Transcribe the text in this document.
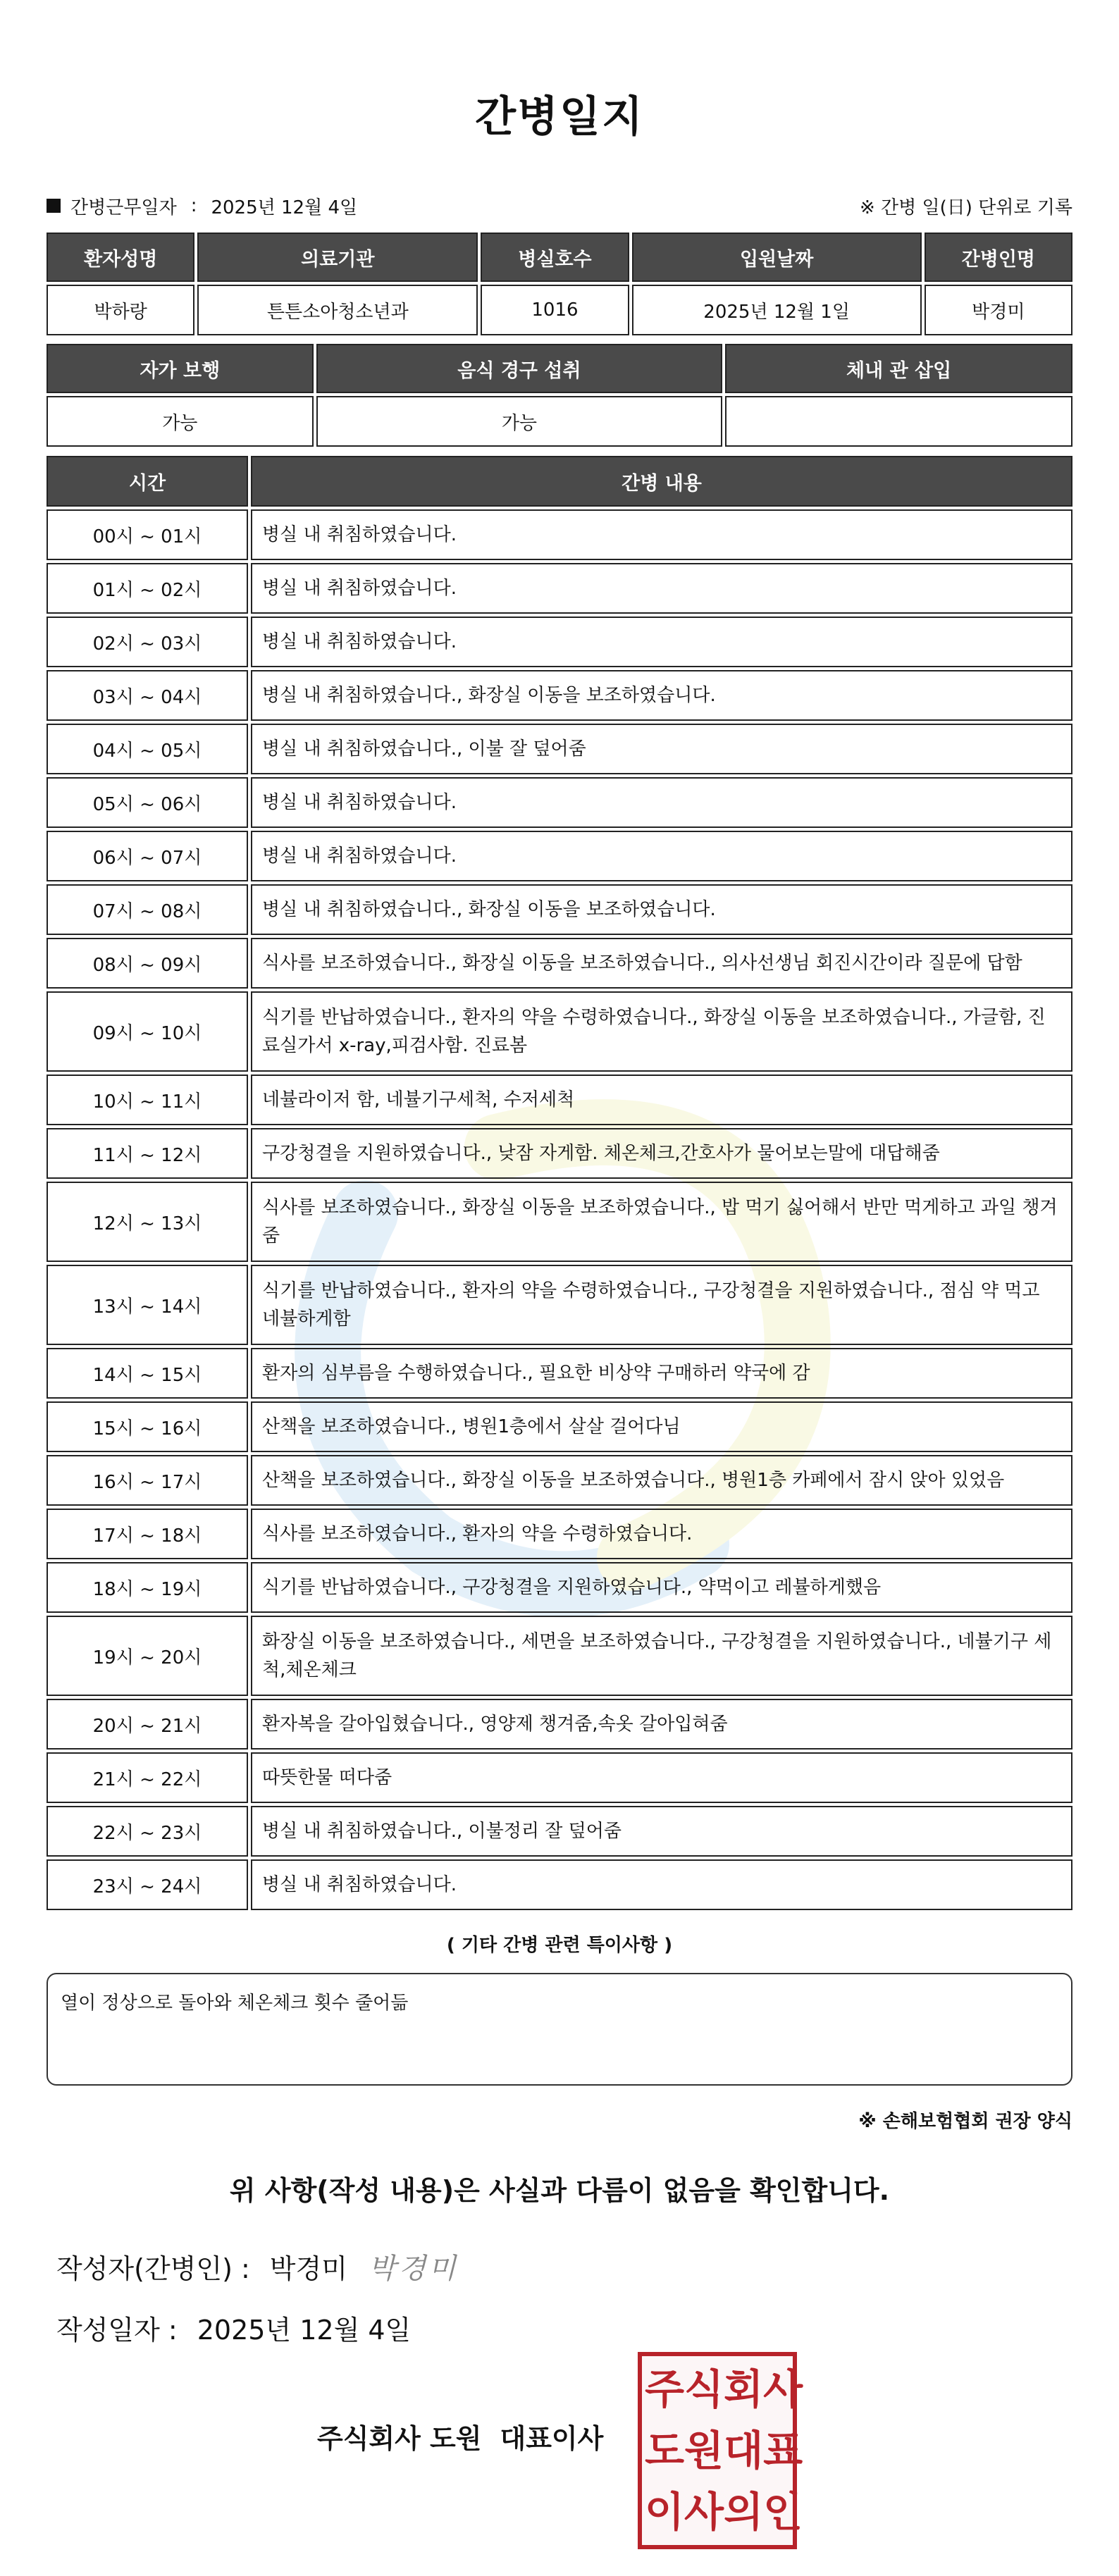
간병일지
간병근무일자 : 2025년 12월 4일	※ 간병 일(日) 단위로 기록
환자성명	의료기관	병실호수	입원날짜	간병인명
박하랑	튼튼소아청소년과	1016	2025년 12월 1일	박경미
자가 보행	음식 경구 섭취	체내 관 삽입
가능	가능	
시간	간병 내용
00시 ~ 01시	병실 내 취침하였습니다.
01시 ~ 02시	병실 내 취침하였습니다.
02시 ~ 03시	병실 내 취침하였습니다.
03시 ~ 04시	병실 내 취침하였습니다., 화장실 이동을 보조하였습니다.
04시 ~ 05시	병실 내 취침하였습니다., 이불 잘 덮어줌
05시 ~ 06시	병실 내 취침하였습니다.
06시 ~ 07시	병실 내 취침하였습니다.
07시 ~ 08시	병실 내 취침하였습니다., 화장실 이동을 보조하였습니다.
08시 ~ 09시	식사를 보조하였습니다., 화장실 이동을 보조하였습니다., 의사선생님 회진시간이라 질문에 답함
09시 ~ 10시	식기를 반납하였습니다., 환자의 약을 수령하였습니다., 화장실 이동을 보조하였습니다., 가글함, 진료실가서 x-ray,피검사함. 진료봄
10시 ~ 11시	네뷸라이저 함, 네뷸기구세척, 수저세척
11시 ~ 12시	구강청결을 지원하였습니다., 낮잠 자게함. 체온체크,간호사가 물어보는말에 대답해줌
12시 ~ 13시	식사를 보조하였습니다., 화장실 이동을 보조하였습니다., 밥 먹기 싫어해서 반만 먹게하고 과일 챙겨줌
13시 ~ 14시	식기를 반납하였습니다., 환자의 약을 수령하였습니다., 구강청결을 지원하였습니다., 점심 약 먹고 네뷸하게함
14시 ~ 15시	환자의 심부름을 수행하였습니다., 필요한 비상약 구매하러 약국에 감
15시 ~ 16시	산책을 보조하였습니다., 병원1층에서 살살 걸어다님
16시 ~ 17시	산책을 보조하였습니다., 화장실 이동을 보조하였습니다., 병원1층 카페에서 잠시 앉아 있었음
17시 ~ 18시	식사를 보조하였습니다., 환자의 약을 수령하였습니다.
18시 ~ 19시	식기를 반납하였습니다., 구강청결을 지원하였습니다., 약먹이고 레뷸하게했음
19시 ~ 20시	화장실 이동을 보조하였습니다., 세면을 보조하였습니다., 구강청결을 지원하였습니다., 네뷸기구 세척,체온체크
20시 ~ 21시	환자복을 갈아입혔습니다., 영양제 챙겨줌,속옷 갈아입혀줌
21시 ~ 22시	따뜻한물 떠다줌
22시 ~ 23시	병실 내 취침하였습니다., 이불정리 잘 덮어줌
23시 ~ 24시	병실 내 취침하였습니다.
( 기타 간병 관련 특이사항 )
열이 정상으로 돌아와 체온체크 횟수 줄어듦
※ 손해보험협회 권장 양식
위 사항(작성 내용)은 사실과 다름이 없음을 확인합니다.
작성자(간병인) : 박경미 박경미
작성일자 : 2025년 12월 4일
주식회사 도원 대표이사
주 식 회 사
도 원 대 표
이 사 의 인
